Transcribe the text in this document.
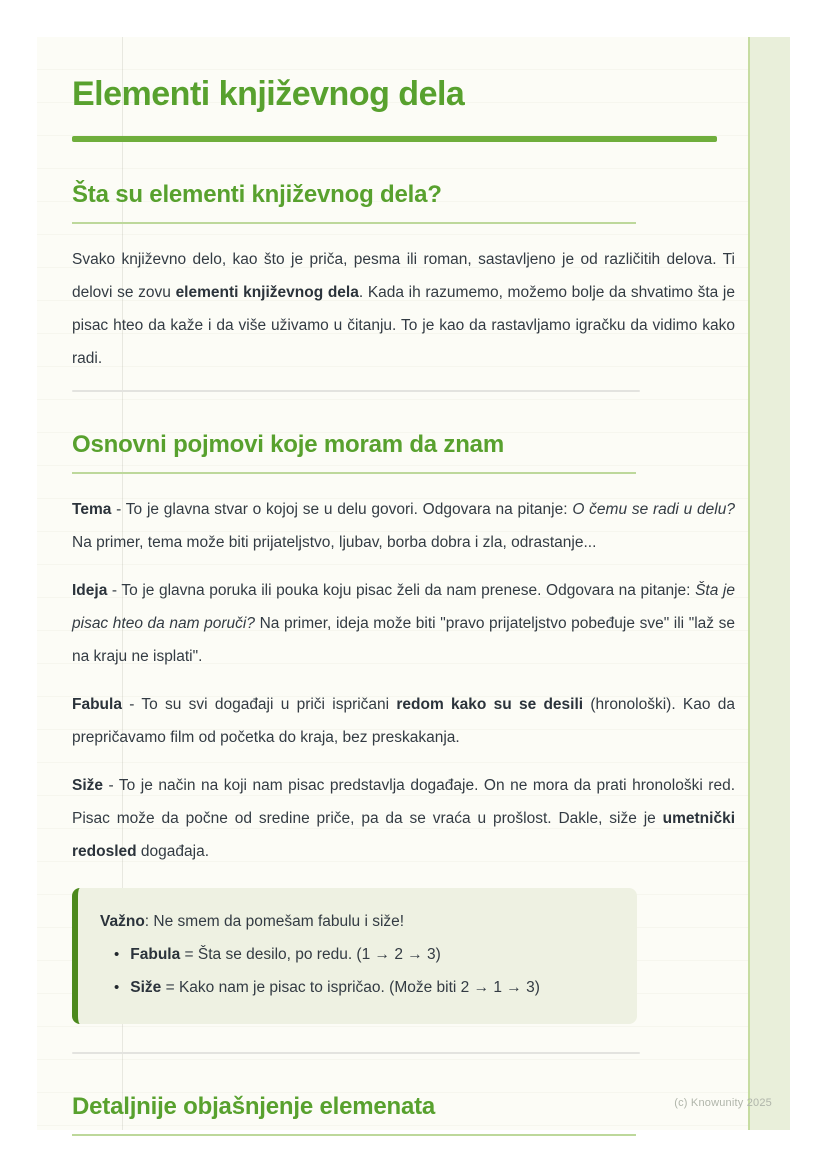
Elementi književnog dela
Šta su elementi književnog dela?

Svako književno delo, kao što je priča, pesma ili roman, sastavljeno je od različitih delova. Ti delovi se zovu elementi književnog dela. Kada ih razumemo, možemo bolje da shvatimo šta je pisac hteo da kaže i da više uživamo u čitanju. To je kao da rastavljamo igračku da vidimo kako radi.

Osnovni pojmovi koje moram da znam

Tema - To je glavna stvar o kojoj se u delu govori. Odgovara na pitanje: O čemu se radi u delu? Na primer, tema može biti prijateljstvo, ljubav, borba dobra i zla, odrastanje...

Ideja - To je glavna poruka ili pouka koju pisac želi da nam prenese. Odgovara na pitanje: Šta je pisac hteo da nam poruči? Na primer, ideja može biti "pravo prijateljstvo pobeđuje sve" ili "laž se na kraju ne isplati".

Fabula - To su svi događaji u priči ispričani redom kako su se desili (hronološki). Kao da prepričavamo film od početka do kraja, bez preskakanja.

Siže - To je način na koji nam pisac predstavlja događaje. On ne mora da prati hronološki red. Pisac može da počne od sredine priče, pa da se vraća u prošlost. Dakle, siže je umetnički redosled događaja.

Važno: Ne smem da pomešam fabulu i siže!
• Fabula = Šta se desilo, po redu. (1 → 2 → 3)
• Siže = Kako nam je pisac to ispričao. (Može biti 2 → 1 → 3)
Detaljnije objašnjenje elemenata	(c) Knowunity 2025
